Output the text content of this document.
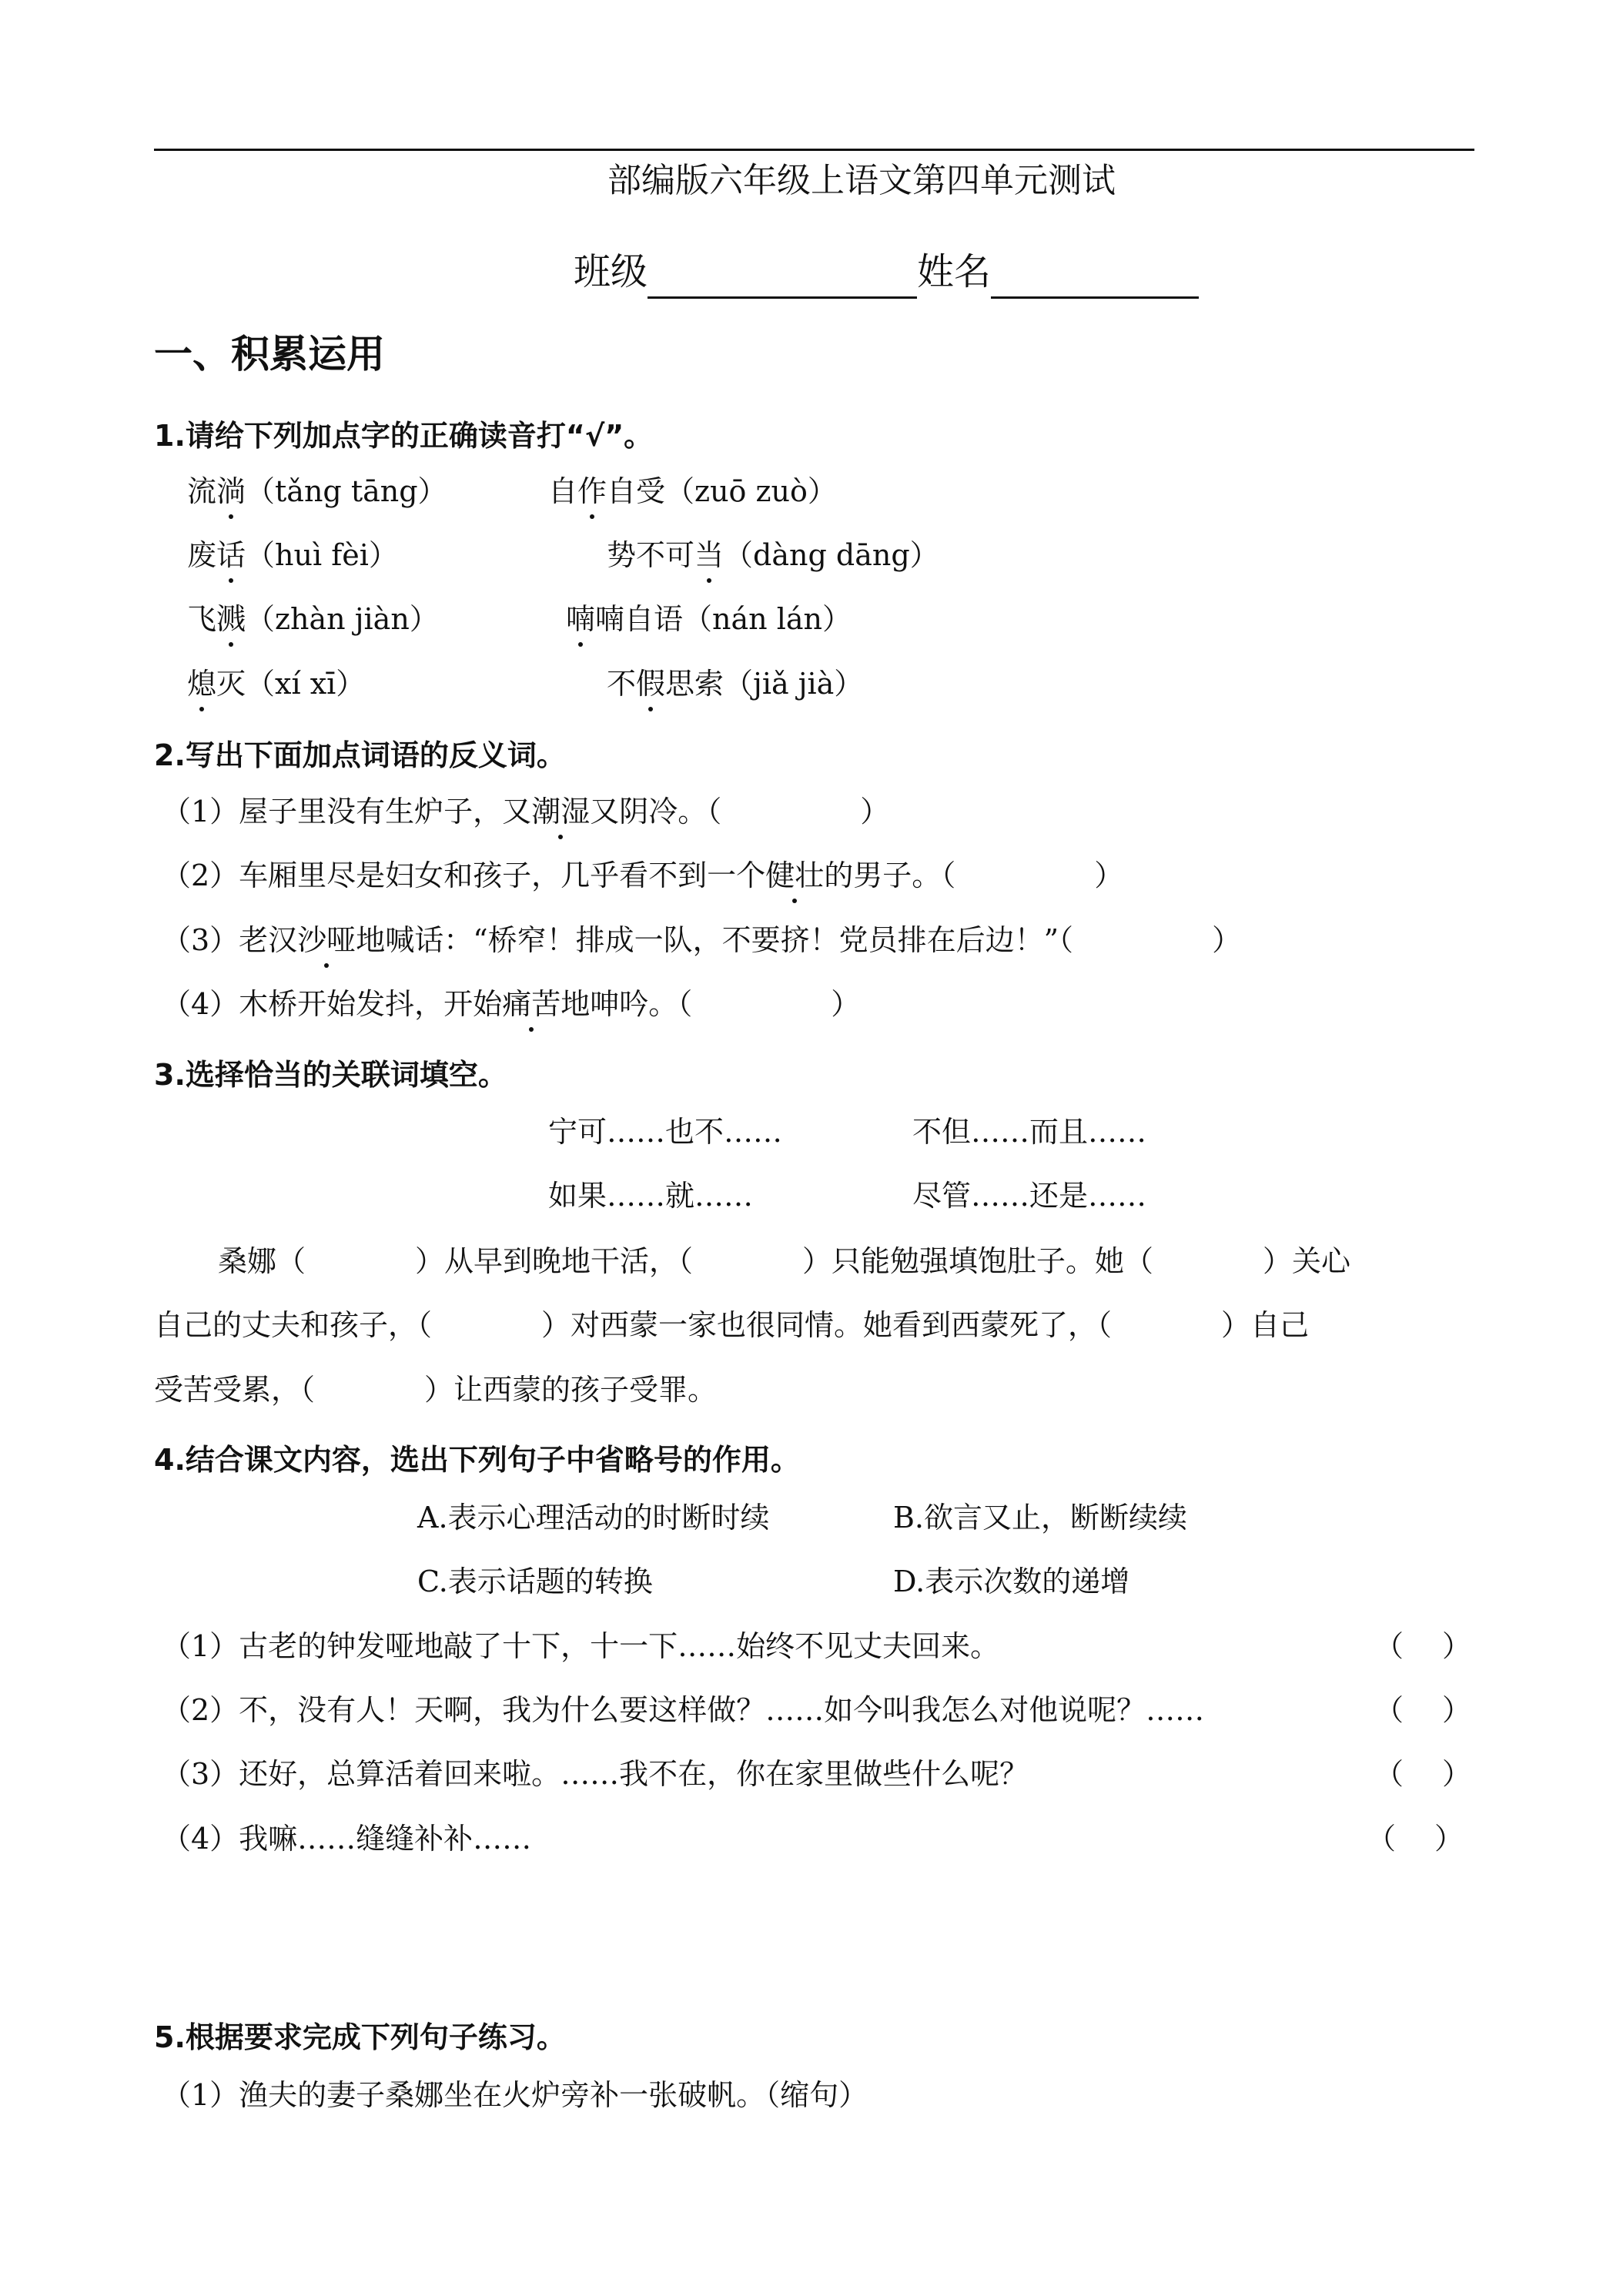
部编版六年级上语文第四单元测试
班级	姓名
一、积累运用
1.请给下列加点字的正确读音打“√”。
流淌（tǎng tāng）	自作自受（zuō zuò）
废话（huì fèi）	势不可当（dàng dāng）
飞溅（zhàn jiàn）	喃喃自语（nán lán）
熄灭（xí xī）	不假思索（jiǎ jià）
2.写出下面加点词语的反义词。
（1）屋子里没有生炉子，又潮湿又阴冷。（	）
（2）车厢里尽是妇女和孩子，几乎看不到一个健壮的男子。（	）
（3）老汉沙哑地喊话：“桥窄！排成一队，不要挤！党员排在后边！”（	）
（4）木桥开始发抖，开始痛苦地呻吟。（	）
3.选择恰当的关联词填空。
宁可……也不……	不但……而且……
如果……就……	尽管……还是……
桑娜（	）从早到晚地干活，（	）只能勉强填饱肚子。她（	）关心
自己的丈夫和孩子，（	）对西蒙一家也很同情。她看到西蒙死了，（	）自己
受苦受累，（	）让西蒙的孩子受罪。
4.结合课文内容，选出下列句子中省略号的作用。
A.表示心理活动的时断时续	B.欲言又止，断断续续
C.表示话题的转换	D.表示次数的递增
（1）古老的钟发哑地敲了十下，十一下……始终不见丈夫回来。	（ ）
（2）不，没有人！天啊，我为什么要这样做？……如今叫我怎么对他说呢？……	（ ）
（3）还好，总算活着回来啦。……我不在，你在家里做些什么呢？	（ ）
（4）我嘛……缝缝补补……	（ ）
5.根据要求完成下列句子练习。
（1）渔夫的妻子桑娜坐在火炉旁补一张破帆。（缩句）
